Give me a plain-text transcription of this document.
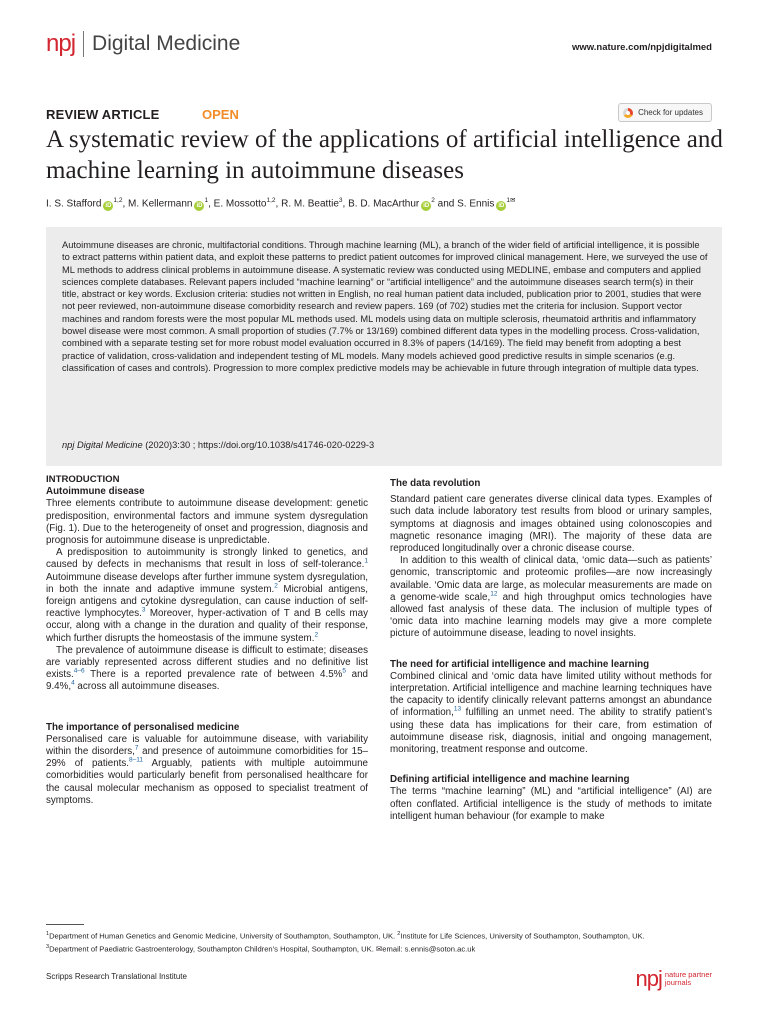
npj Digital Medicine	www.nature.com/npjdigitalmed
REVIEW ARTICLE	OPEN	Check for updates
A systematic review of the applications of artificial intelligence and machine learning in autoimmune diseases
I. S. Stafford iD$^{1,2}$, M. Kellermann $iD^1$, E. Mossotto$^{1,2}$, R. M. Beattie$^3$, B. D. MacArthur $iD^2$ and S. Ennis $iD^{1✉}$

Autoimmune diseases are chronic, multifactorial conditions. Through machine learning (ML), a branch of the wider field of artificial intelligence, it is possible to extract patterns within patient data, and exploit these patterns to predict patient outcomes for improved clinical management. Here, we surveyed the use of ML methods to address clinical problems in autoimmune disease. A systematic review was conducted using MEDLINE, embase and computers and applied sciences complete databases. Relevant papers included “machine learning” or “artificial intelligence” and the autoimmune diseases search term(s) in their title, abstract or key words. Exclusion criteria: studies not written in English, no real human patient data included, publication prior to 2001, studies that were not peer reviewed, non-autoimmune disease comorbidity research and review papers. 169 (of 702) studies met the criteria for inclusion. Support vector machines and random forests were the most popular ML methods used. ML models using data on multiple sclerosis, rheumatoid arthritis and inflammatory bowel disease were most common. A small proportion of studies (7.7% or 13/169) combined different data types in the modelling process. Cross-validation, combined with a separate testing set for more robust model evaluation occurred in 8.3% of papers (14/169). The field may benefit from adopting a best practice of validation, cross-validation and independent testing of ML models. Many models achieved good predictive results in simple scenarios (e.g. classification of cases and controls). Progression to more complex predictive models may be achievable in future through integration of multiple data types.

npj Digital Medicine (2020)3:30 ; https://doi.org/10.1038/s41746-020-0229-3
INTRODUCTION
Autoimmune disease

Three elements contribute to autoimmune disease development: genetic predisposition, environmental factors and immune system dysregulation (Fig. 1). Due to the heterogeneity of onset and progression, diagnosis and prognosis for autoimmune disease is unpredictable.

A predisposition to autoimmunity is strongly linked to genetics, and caused by defects in mechanisms that result in loss of self-tolerance.$^1$ Autoimmune disease develops after further immune system dysregulation, in both the innate and adaptive immune system.$^2$ Microbial antigens, foreign antigens and cytokine dysregulation, can cause induction of self-reactive lymphocytes.$^3$ Moreover, hyper-activation of T and B cells may occur, along with a change in the duration and quality of their response, which further disrupts the homeostasis of the immune system.$^2$

The prevalence of autoimmune disease is difficult to estimate; diseases are variably represented across different studies and no definitive list exists.$^{4-6}$ There is a reported prevalence rate of between 4.5%$^5$ and 9.4%,$^4$ across all autoimmune diseases.

The importance of personalised medicine

Personalised care is valuable for autoimmune disease, with variability within the disorders,$^7$ and presence of autoimmune comorbidities for 15–29% of patients.$^{8-11}$ Arguably, patients with multiple autoimmune comorbidities would particularly benefit from personalised healthcare for the causal molecular mechanism as opposed to specialist treatment of symptoms.

The data revolution

Standard patient care generates diverse clinical data types. Examples of such data include laboratory test results from blood or urinary samples, symptoms at diagnosis and images obtained using colonoscopies and magnetic resonance imaging (MRI). The majority of these data are reproduced longitudinally over a chronic disease course.

In addition to this wealth of clinical data, ‘omic data—such as patients’ genomic, transcriptomic and proteomic profiles—are now increasingly available. ‘Omic data are large, as molecular measurements are made on a genome-wide scale,$^{12}$ and high throughput omics technologies have allowed fast analysis of these data. The inclusion of multiple types of ‘omic data into machine learning models may give a more complete picture of autoimmune disease, leading to novel insights.

The need for artificial intelligence and machine learning

Combined clinical and ‘omic data have limited utility without methods for interpretation. Artificial intelligence and machine learning techniques have the capacity to identify clinically relevant patterns amongst an abundance of information,$^{13}$ fulfilling an unmet need. The ability to stratify patient’s using these data has implications for their care, from estimation of autoimmune disease risk, diagnosis, initial and ongoing management, monitoring, treatment response and outcome.

Defining artificial intelligence and machine learning

The terms “machine learning” (ML) and “artificial intelligence” (AI) are often conflated. Artificial intelligence is the study of methods to imitate intelligent human behaviour (for example to make

$^1$Department of Human Genetics and Genomic Medicine, University of Southampton, Southampton, UK. $^2$Institute for Life Sciences, University of Southampton, Southampton, UK.
$^3$Department of Paediatric Gastroenterology, Southampton Children’s Hospital, Southampton, UK. ✉email: s.ennis@soton.ac.uk
Scripps Research Translational Institute	npj nature partner
journals
